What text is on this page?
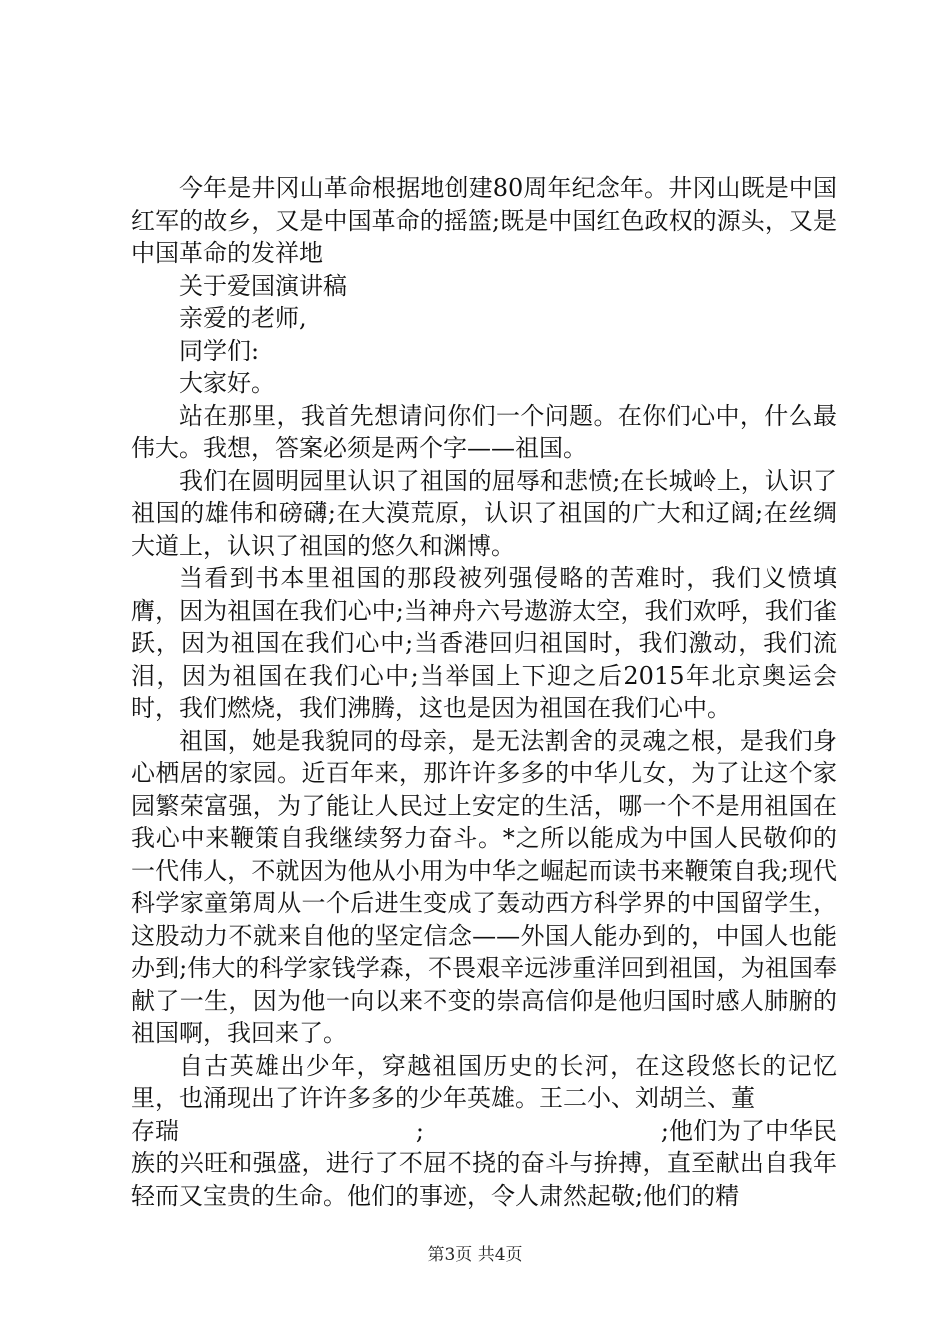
今年是井冈山革命根据地创建80周年纪念年。井冈山既是中国红军的故乡，又是中国革命的摇篮;既是中国红色政权的源头，又是中国革命的发祥地

关于爱国演讲稿

亲爱的老师,

同学们:

大家好。

站在那里，我首先想请问你们一个问题。在你们心中，什么最伟大。我想，答案必须是两个字——祖国。

我们在圆明园里认识了祖国的屈辱和悲愤;在长城岭上，认识了祖国的雄伟和磅礴;在大漠荒原，认识了祖国的广大和辽阔;在丝绸大道上，认识了祖国的悠久和渊博。

当看到书本里祖国的那段被列强侵略的苦难时，我们义愤填膺，因为祖国在我们心中;当神舟六号遨游太空，我们欢呼，我们雀跃，因为祖国在我们心中;当香港回归祖国时，我们激动，我们流泪，因为祖国在我们心中;当举国上下迎之后2015年北京奥运会时，我们燃烧，我们沸腾，这也是因为祖国在我们心中。

祖国，她是我貌同的母亲，是无法割舍的灵魂之根，是我们身心栖居的家园。近百年来，那许许多多的中华儿女，为了让这个家园繁荣富强，为了能让人民过上安定的生活，哪一个不是用祖国在我心中来鞭策自我继续努力奋斗。*之所以能成为中国人民敬仰的一代伟人，不就因为他从小用为中华之崛起而读书来鞭策自我;现代科学家童第周从一个后进生变成了轰动西方科学界的中国留学生，这股动力不就来自他的坚定信念——外国人能办到的，中国人也能办到;伟大的科学家钱学森，不畏艰辛远涉重洋回到祖国，为祖国奉献了一生，因为他一向以来不变的崇高信仰是他归国时感人肺腑的祖国啊，我回来了。

自古英雄出少年，穿越祖国历史的长河，在这段悠长的记忆里，也涌现出了许许多多的少年英雄。王二小、刘胡兰、董

存瑞	;	;他们为了中华民

族的兴旺和强盛，进行了不屈不挠的奋斗与拚搏，直至献出自我年轻而又宝贵的生命。他们的事迹，令人肃然起敬;他们的精

第3页 共4页
